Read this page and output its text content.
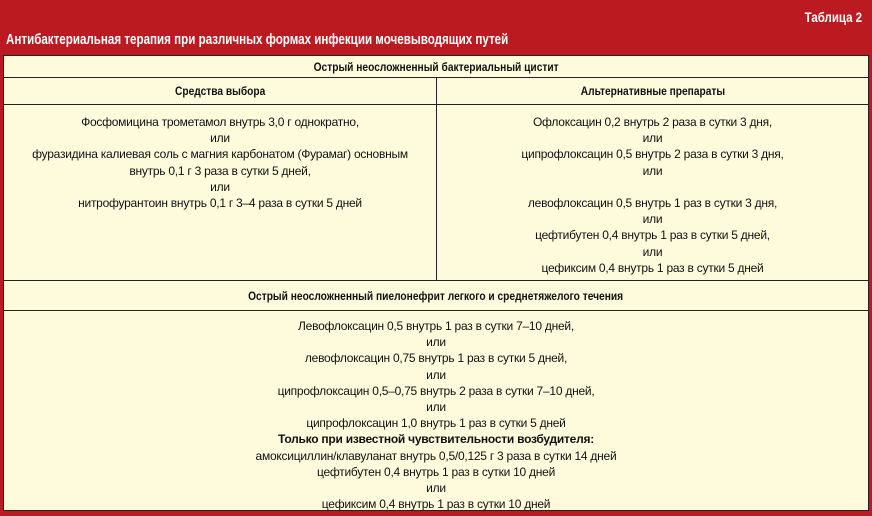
Таблица 2
Антибактериальная терапия при различных формах инфекции мочевыводящих путей
Острый неосложненный бактериальный цистит
Средства выбора	Альтернативные препараты
Фосфомицина трометамол внутрь 3,0 г однократно,
или
фуразидина калиевая соль с магния карбонатом (Фурамаг) основным
внутрь 0,1 г 3 раза в сутки 5 дней,
или
нитрофурантоин внутрь 0,1 г 3–4 раза в сутки 5 дней
Офлоксацин 0,2 внутрь 2 раза в сутки 3 дня,
или
ципрофлоксацин 0,5 внутрь 2 раза в сутки 3 дня,
или
левофлоксацин 0,5 внутрь 1 раз в сутки 3 дня,
или
цефтибутен 0,4 внутрь 1 раз в сутки 5 дней,
или
цефиксим 0,4 внутрь 1 раз в сутки 5 дней
Острый неосложненный пиелонефрит легкого и среднетяжелого течения
Левофлоксацин 0,5 внутрь 1 раз в сутки 7–10 дней,
или
левофлоксацин 0,75 внутрь 1 раз в сутки 5 дней,
или
ципрофлоксацин 0,5–0,75 внутрь 2 раза в сутки 7–10 дней,
или
ципрофлоксацин 1,0 внутрь 1 раз в сутки 5 дней
Только при известной чувствительности возбудителя:
амоксициллин/клавуланат внутрь 0,5/0,125 г 3 раза в сутки 14 дней
цефтибутен 0,4 внутрь 1 раз в сутки 10 дней
или
цефиксим 0,4 внутрь 1 раз в сутки 10 дней
